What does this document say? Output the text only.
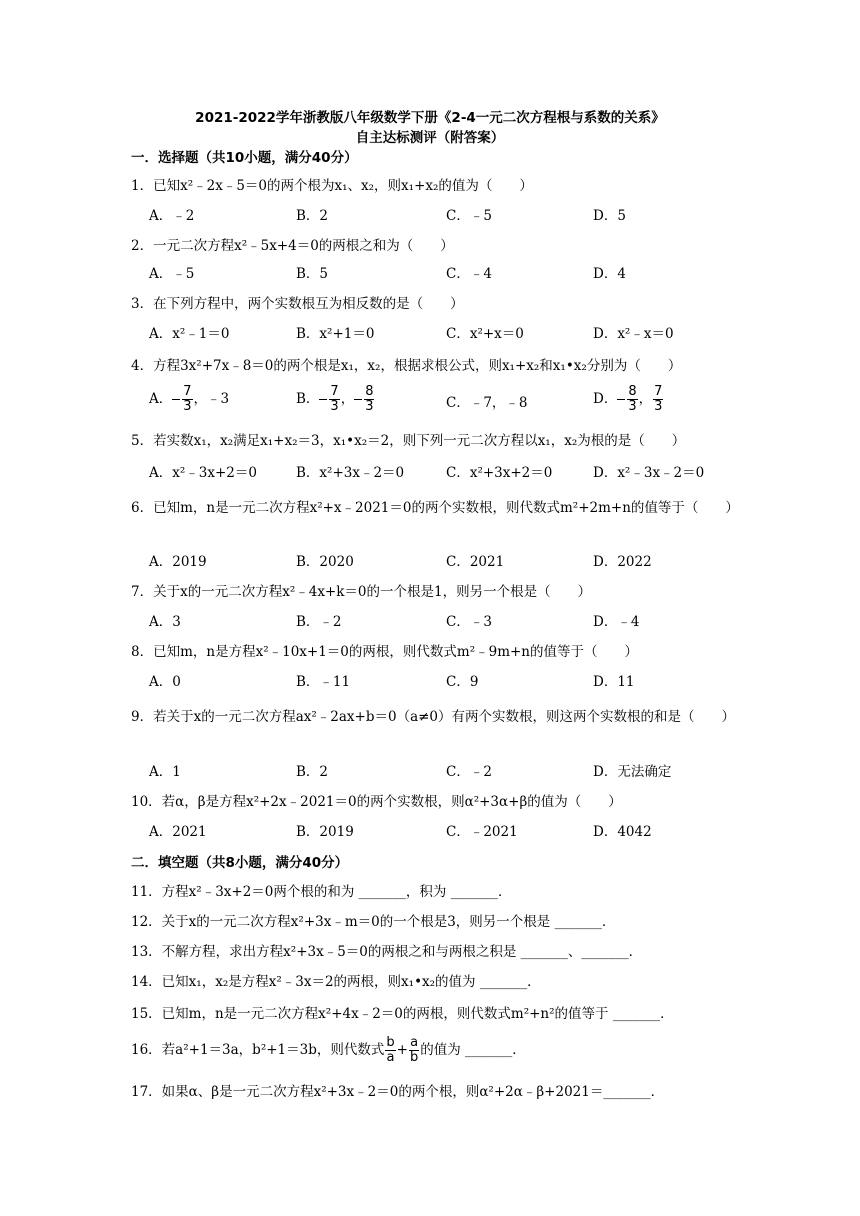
2021-2022学年浙教版八年级数学下册《2-4一元二次方程根与系数的关系》
自主达标测评（附答案）
一．选择题（共10小题，满分40分）
1．已知x²﹣2x﹣5＝0的两个根为x₁、x₂，则x₁+x₂的值为（　　）
A．﹣2	B．2	C．﹣5	D．5
2．一元二次方程x²﹣5x+4＝0的两根之和为（　　）
A．﹣5	B．5	C．﹣4	D．4
3．在下列方程中，两个实数根互为相反数的是（　　）
A．x²﹣1＝0	B．x²+1＝0	C．x²+x＝0	D．x²﹣x＝0
4．方程3x²+7x﹣8＝0的两个根是x₁，x₂，根据求根公式，则x₁+x₂和x₁•x₂分别为（　　）
A． $\frac{7}{3}$ ，﹣3	B． $\frac{7}{3}$ ， $\frac{8}{3}$	C．﹣7，﹣8	D． $\frac{8}{3}$ ， $\frac{7}{3}$
5．若实数x₁，x₂满足x₁+x₂＝3，x₁•x₂＝2，则下列一元二次方程以x₁，x₂为根的是（　　）
A．x²﹣3x+2＝0	B．x²+3x﹣2＝0	C．x²+3x+2＝0	D．x²﹣3x﹣2＝0
6．已知m，n是一元二次方程x²+x﹣2021＝0的两个实数根，则代数式m²+2m+n的值等于（　　）
A．2019	B．2020	C．2021	D．2022
7．关于x的一元二次方程x²﹣4x+k＝0的一个根是1，则另一个根是（　　）
A．3	B．﹣2	C．﹣3	D．﹣4
8．已知m，n是方程x²﹣10x+1＝0的两根，则代数式m²﹣9m+n的值等于（　　）
A．0	B．﹣11	C．9	D．11
9．若关于x的一元二次方程ax²﹣2ax+b＝0（a≠0）有两个实数根，则这两个实数根的和是（　　）
A．1	B．2	C．﹣2	D．无法确定
10．若α，β是方程x²+2x﹣2021＝0的两个实数根，则α²+3α+β的值为（　　）
A．2021	B．2019	C．﹣2021	D．4042
二．填空题（共8小题，满分40分）
11．方程x²﹣3x+2＝0两个根的和为 _______，积为 _______．
12．关于x的一元二次方程x²+3x﹣m＝0的一个根是3，则另一个根是 _______．
13．不解方程，求出方程x²+3x﹣5＝0的两根之和与两根之积是 _______、_______．
14．已知x₁，x₂是方程x²﹣3x＝2的两根，则x₁•x₂的值为 _______．
15．已知m，n是一元二次方程x²+4x﹣2＝0的两根，则代数式m²+n²的值等于 _______．
16．若a²+1＝3a，b²+1＝3b，则代数式 $\frac{b}{a} + \frac{a}{b}$ 的值为 _______．
17．如果α、β是一元二次方程x²+3x﹣2＝0的两个根，则α²+2α﹣β+2021＝_______．
